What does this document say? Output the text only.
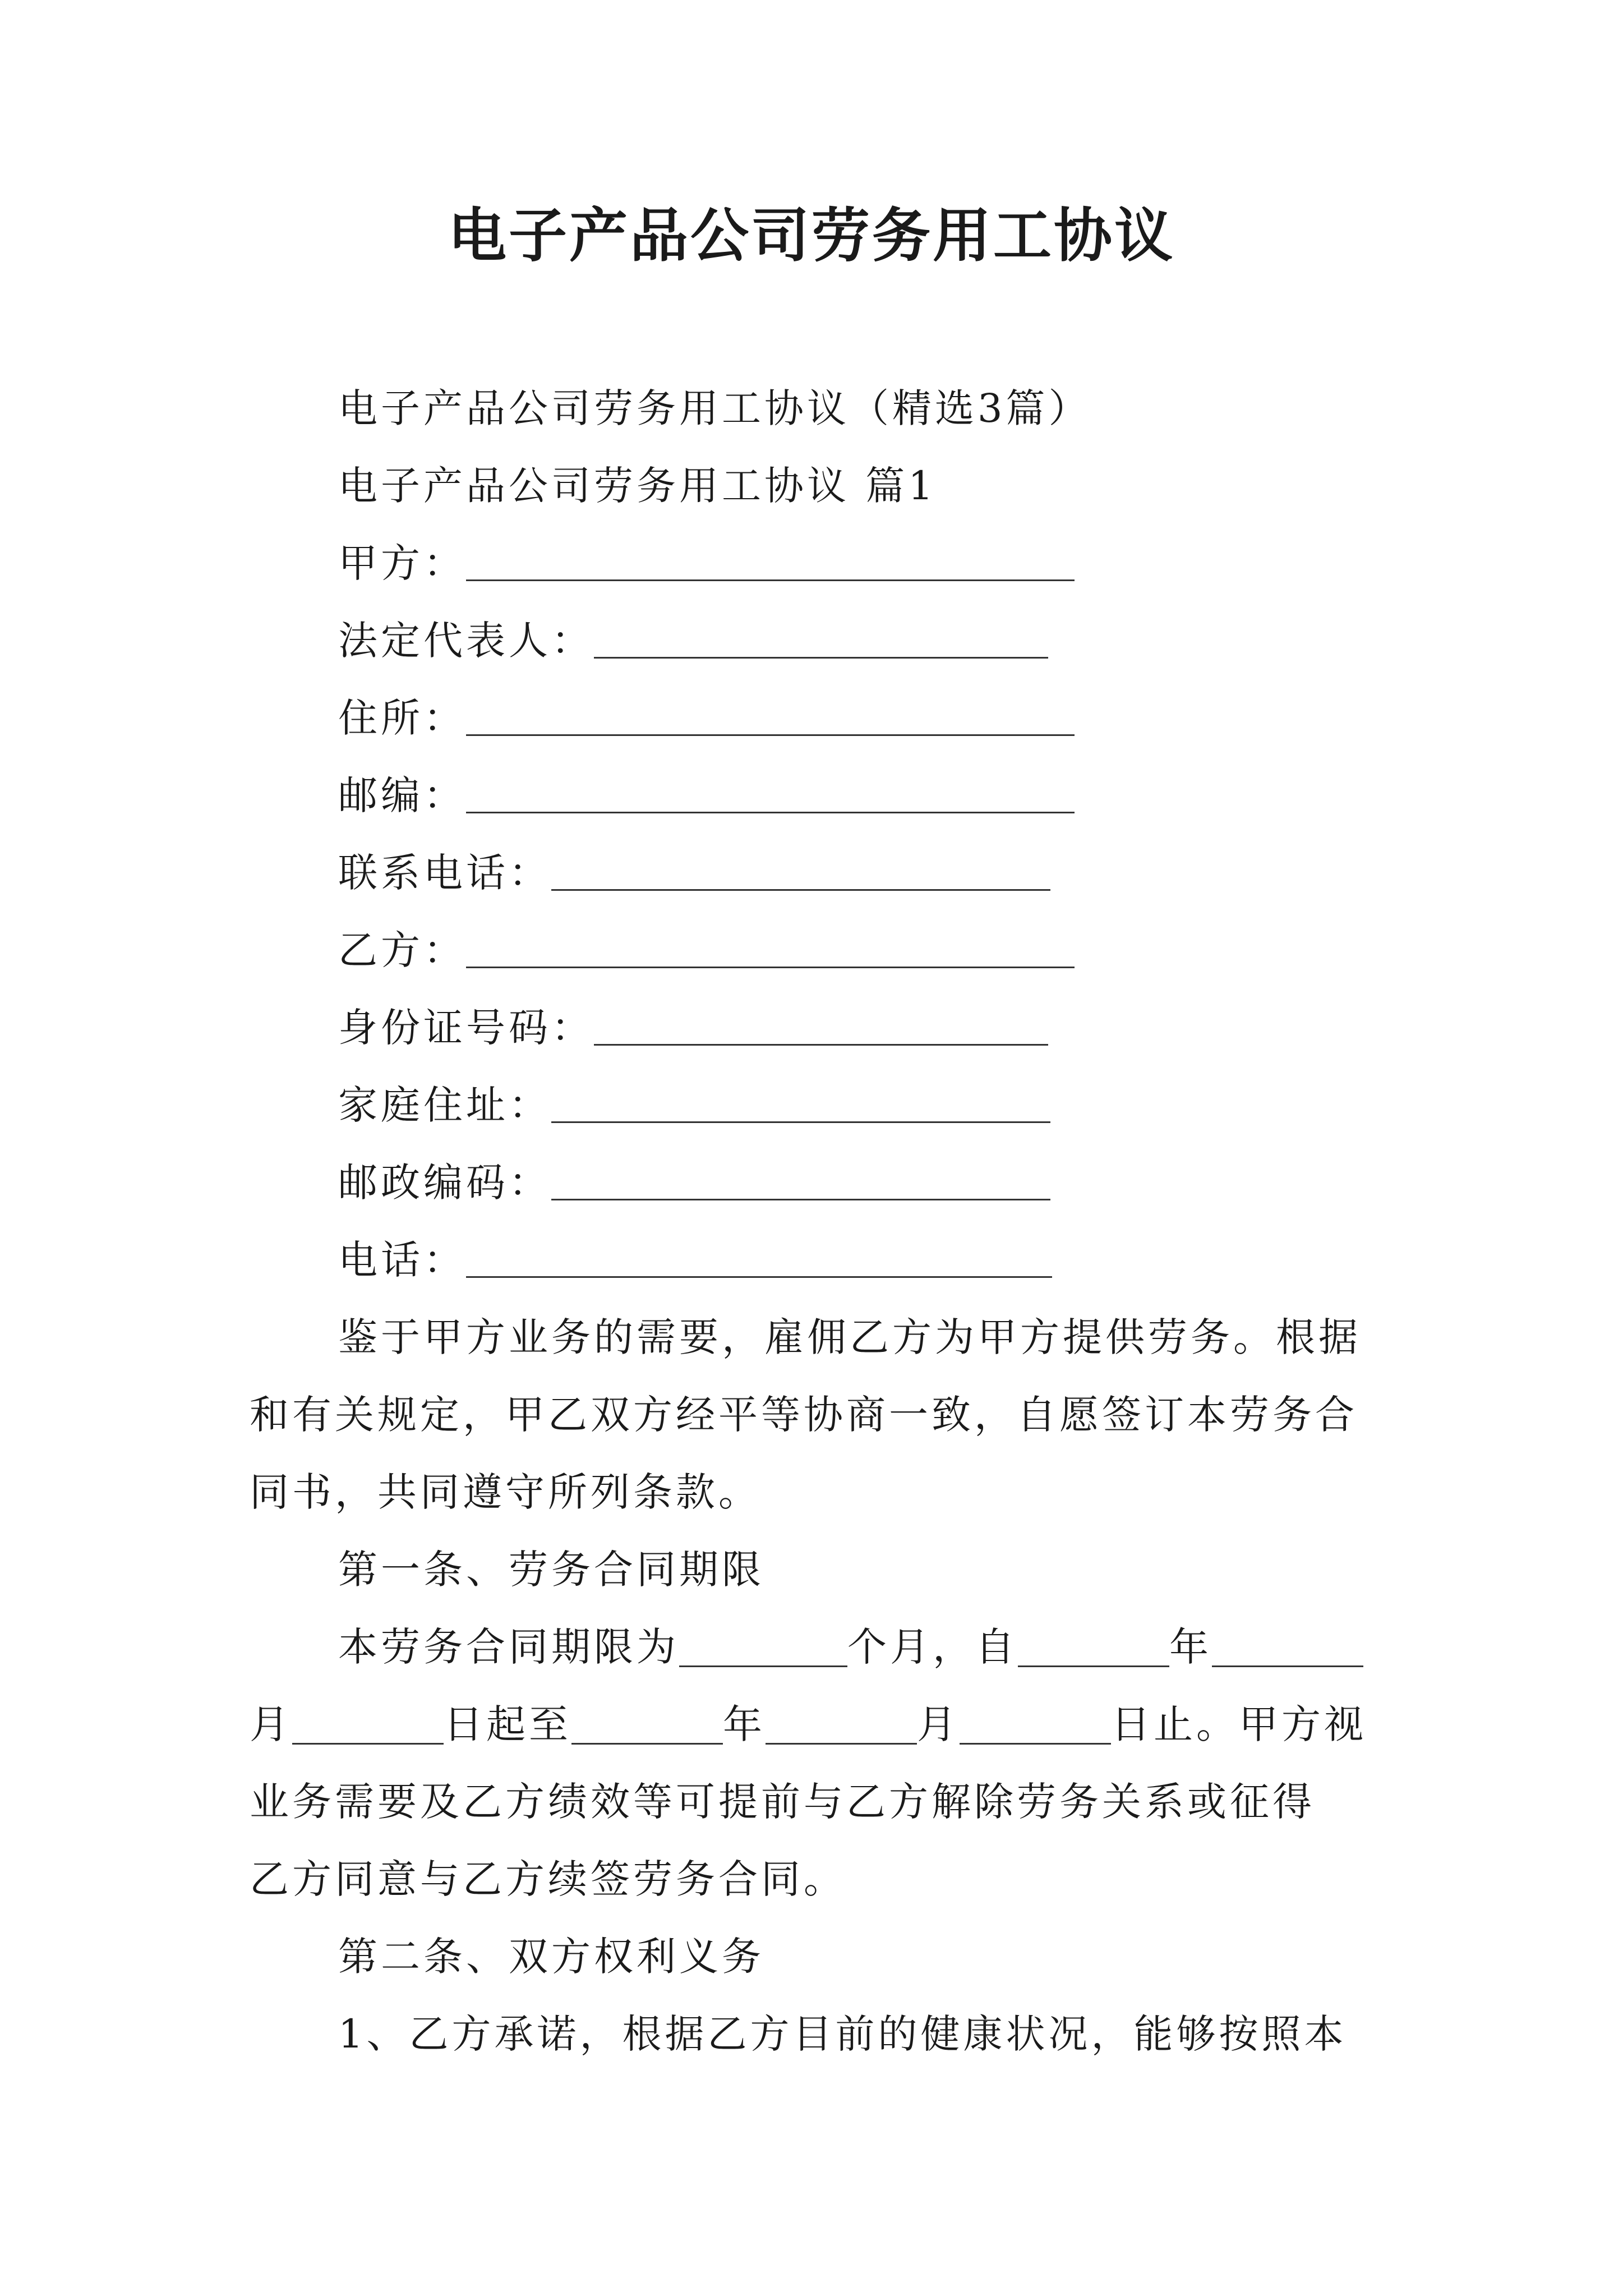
电子产品公司劳务用工协议
电子产品公司劳务用工协议（精选3篇）
电子产品公司劳务用工协议 篇1
甲方：
法定代表人：
住所：
邮编：
联系电话：
乙方：
身份证号码：
家庭住址：
邮政编码：
电话：
鉴于甲方业务的需要，雇佣乙方为甲方提供劳务。根据
和有关规定，甲乙双方经平等协商一致，自愿签订本劳务合
同书，共同遵守所列条款。
第一条、劳务合同期限
本劳务合同期限为	个月，自	年
月	日起至	年	月	日止。甲方视
业务需要及乙方绩效等可提前与乙方解除劳务关系或征得
乙方同意与乙方续签劳务合同。
第二条、双方权利义务
1、乙方承诺，根据乙方目前的健康状况，能够按照本
